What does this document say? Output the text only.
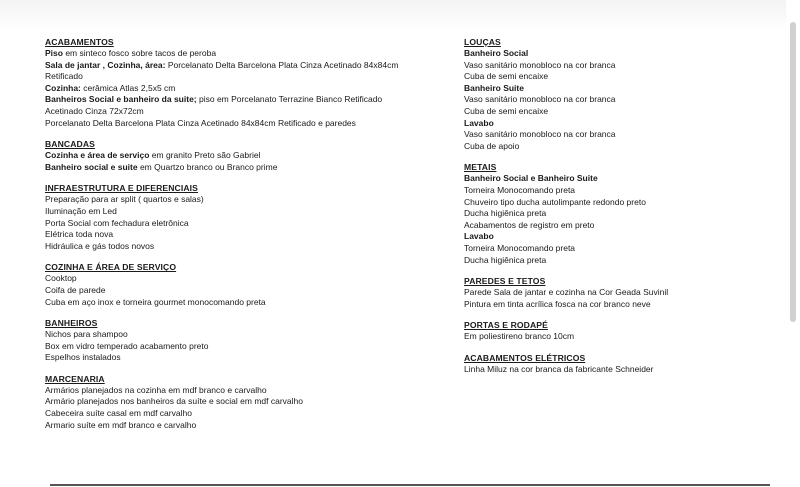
ACABAMENTOS
Piso em sinteco fosco sobre tacos de peroba
Sala de jantar , Cozinha, área: Porcelanato Delta Barcelona Plata Cinza Acetinado 84x84cm
Retificado
Cozinha: cerâmica Atlas 2,5x5 cm
Banheiros Social e banheiro da suite; piso em Porcelanato Terrazine Bianco Retificado
Acetinado Cinza 72x72cm
Porcelanato Delta Barcelona Plata Cinza Acetinado 84x84cm Retificado e paredes
BANCADAS
Cozinha e área de serviço em granito Preto são Gabriel
Banheiro social e suite em Quartzo branco ou Branco prime
INFRAESTRUTURA E DIFERENCIAIS
Preparação para ar split ( quartos e salas)
Iluminação em Led
Porta Social com fechadura eletrônica
Elétrica toda nova
Hidráulica e gás todos novos
COZINHA E ÁREA DE SERVIÇO
Cooktop
Coifa de parede
Cuba em aço inox e torneira gourmet monocomando preta
BANHEIROS
Nichos para shampoo
Box em vidro temperado acabamento preto
Espelhos instalados
MARCENARIA
Armários planejados na cozinha em mdf branco e carvalho
Armário planejados nos banheiros da suíte e social em mdf carvalho
Cabeceira suíte casal em mdf carvalho
Armario suíte em mdf branco e carvalho
LOUÇAS
Banheiro Social
Vaso sanitário monobloco na cor branca
Cuba de semi encaixe
Banheiro Suite
Vaso sanitário monobloco na cor branca
Cuba de semi encaixe
Lavabo
Vaso sanitário monobloco na cor branca
Cuba de apoio
METAIS
Banheiro Social e Banheiro Suite
Torneira Monocomando preta
Chuveiro tipo ducha autolimpante redondo preto
Ducha higiênica preta
Acabamentos de registro em preto
Lavabo
Torneira Monocomando preta
Ducha higiênica preta
PAREDES E TETOS
Parede Sala de jantar e cozinha na Cor Geada Suvinil
Pintura em tinta acrílica fosca na cor branco neve
PORTAS E RODAPÉ
Em poliestireno branco 10cm
ACABAMENTOS ELÉTRICOS
Linha Miluz na cor branca da fabricante Schneider
